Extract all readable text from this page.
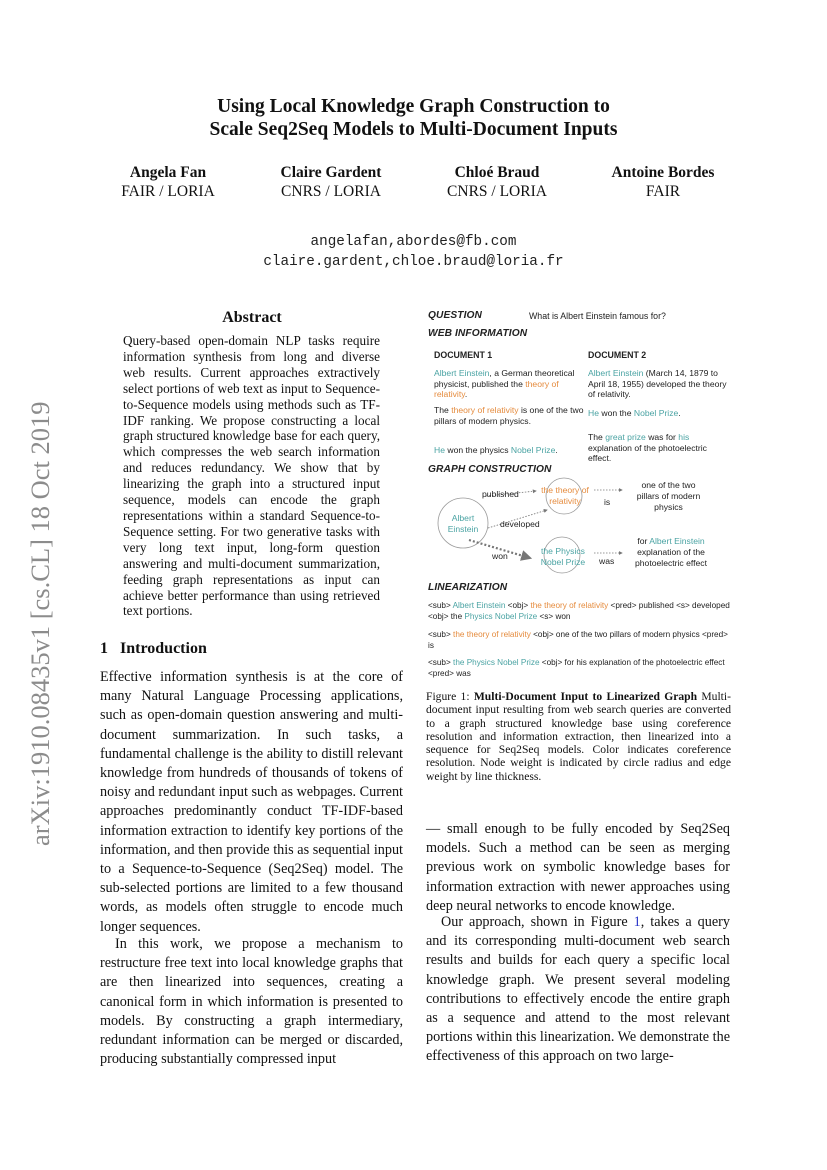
arXiv:1910.08435v1 [cs.CL] 18 Oct 2019
Using Local Knowledge Graph Construction to
Scale Seq2Seq Models to Multi-Document Inputs
Angela Fan
FAIR / LORIA
Claire Gardent
CNRS / LORIA
Chloé Braud
CNRS / LORIA
Antoine Bordes
FAIR
angelafan,abordes@fb.com
claire.gardent,chloe.braud@loria.fr
Abstract
Query-based open-domain NLP tasks require information synthesis from long and diverse web results. Current approaches extractively select portions of web text as input to Sequence-to-Sequence models using methods such as TF-IDF ranking. We propose constructing a local graph structured knowledge base for each query, which compresses the web search information and reduces redundancy. We show that by linearizing the graph into a structured input sequence, models can encode the graph representations within a standard Sequence-to-Sequence setting. For two generative tasks with very long text input, long-form question answering and multi-document summarization, feeding graph representations as input can achieve better performance than using retrieved text portions.
1   Introduction
Effective information synthesis is at the core of many Natural Language Processing applications, such as open-domain question answering and multi-document summarization. In such tasks, a fundamental challenge is the ability to distill relevant knowledge from hundreds of thousands of tokens of noisy and redundant input such as webpages. Current approaches predominantly conduct TF-IDF-based information extraction to identify key portions of the information, and then provide this as sequential input to a Sequence-to-Sequence (Seq2Seq) model. The sub-selected portions are limited to a few thousand words, as models often struggle to encode much longer sequences.
In this work, we propose a mechanism to restructure free text into local knowledge graphs that are then linearized into sequences, creating a canonical form in which information is presented to models. By constructing a graph intermediary, redundant information can be merged or discarded, producing substantially compressed input
— small enough to be fully encoded by Seq2Seq models. Such a method can be seen as merging previous work on symbolic knowledge bases for information extraction with newer approaches using deep neural networks to encode knowledge.
Our approach, shown in Figure 1, takes a query and its corresponding multi-document web search results and builds for each query a specific local knowledge graph. We present several modeling contributions to effectively encode the entire graph as a sequence and attend to the most relevant portions within this linearization. We demonstrate the effectiveness of this approach on two large-
QUESTION	What is Albert Einstein famous for?
WEB INFORMATION
DOCUMENT 1	DOCUMENT 2
Albert Einstein, a German theoretical physicist, published the theory of relativity.
The theory of relativity is one of the two pillars of modern physics.
He won the physics Nobel Prize.
Albert Einstein (March 14, 1879 to April 18, 1955) developed the theory of relativity.
He won the Nobel Prize.
The great prize was for his explanation of the photoelectric effect.
GRAPH CONSTRUCTION
Albert
Einstein
the theory of
relativity
the Physics
Nobel Prize
one of the two
pillars of modern
physics
for Albert Einstein
explanation of the
photoelectric effect
published
developed
won
is
was
LINEARIZATION
<sub> Albert Einstein <obj> the theory of relativity <pred> published <s> developed <obj> the Physics Nobel Prize <s> won
<sub> the theory of relativity <obj> one of the two pillars of modern physics <pred> is
<sub> the Physics Nobel Prize <obj> for his explanation of the photoelectric effect <pred> was
Figure 1: Multi-Document Input to Linearized Graph Multi-document input resulting from web search queries are converted to a graph structured knowledge base using coreference resolution and information extraction, then linearized into a sequence for Seq2Seq models. Color indicates coreference resolution. Node weight is indicated by circle radius and edge weight by line thickness.
